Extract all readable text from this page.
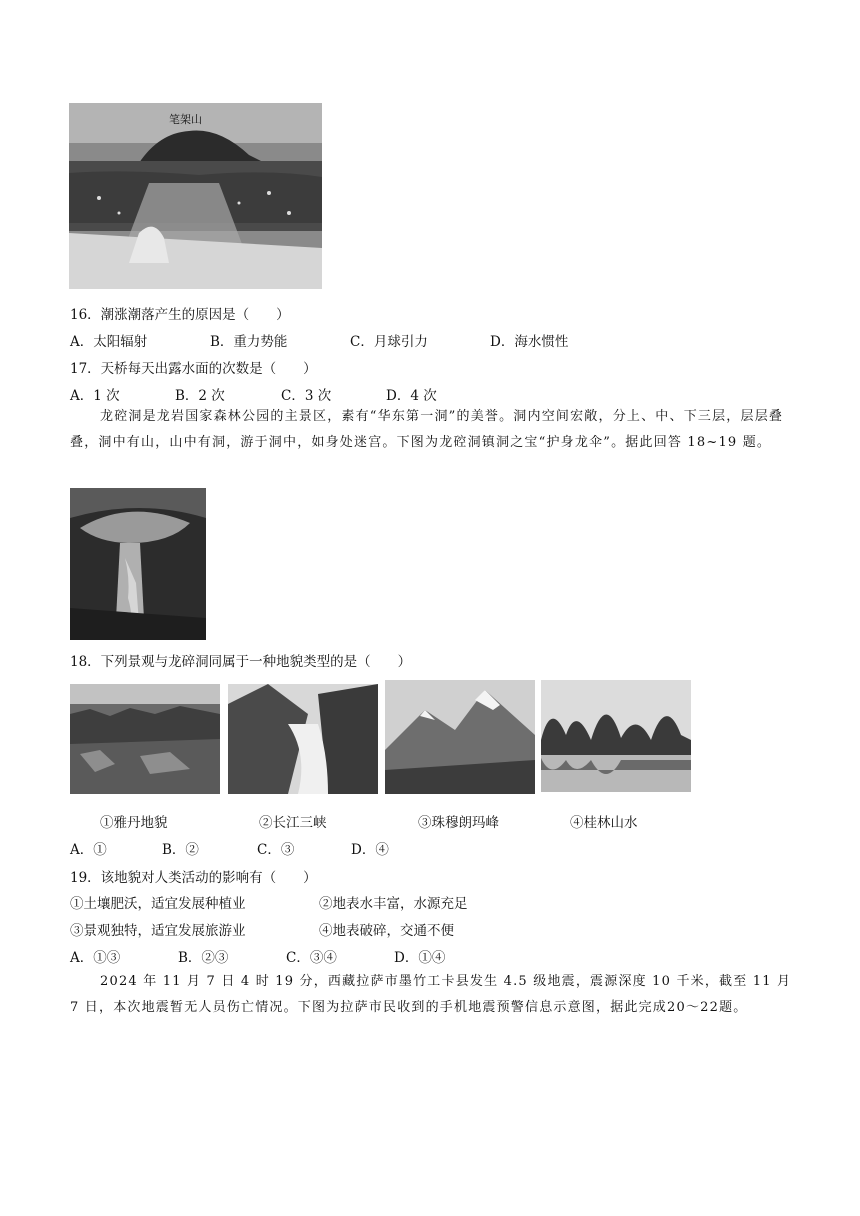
笔架山
16．潮涨潮落产生的原因是（　　）
A．太阳辐射	B．重力势能	C．月球引力	D．海水惯性
17．天桥每天出露水面的次数是（　　）
A．1 次	B．2 次	C．3 次	D．4 次
龙硿洞是龙岩国家森林公园的主景区，素有“华东第一洞”的美誉。洞内空间宏敞，分上、中、下三层，层层叠叠，洞中有山，山中有洞，游于洞中，如身处迷宫。下图为龙硿洞镇洞之宝“护身龙伞”。据此回答 18~19 题。
18．下列景观与龙碎洞同属于一种地貌类型的是（　　）
①雅丹地貌	②长江三峡	③珠穆朗玛峰	④桂林山水
A．①	B．②	C．③	D．④
19．该地貌对人类活动的影响有（　　）
①土壤肥沃，适宜发展种植业	②地表水丰富，水源充足
③景观独特，适宜发展旅游业	④地表破碎，交通不便
A．①③	B．②③	C．③④	D．①④
2024 年 11 月 7 日 4 时 19 分，西藏拉萨市墨竹工卡县发生 4.5 级地震，震源深度 10 千米，截至 11 月 7 日，本次地震暂无人员伤亡情况。下图为拉萨市民收到的手机地震预警信息示意图，据此完成20～22题。
